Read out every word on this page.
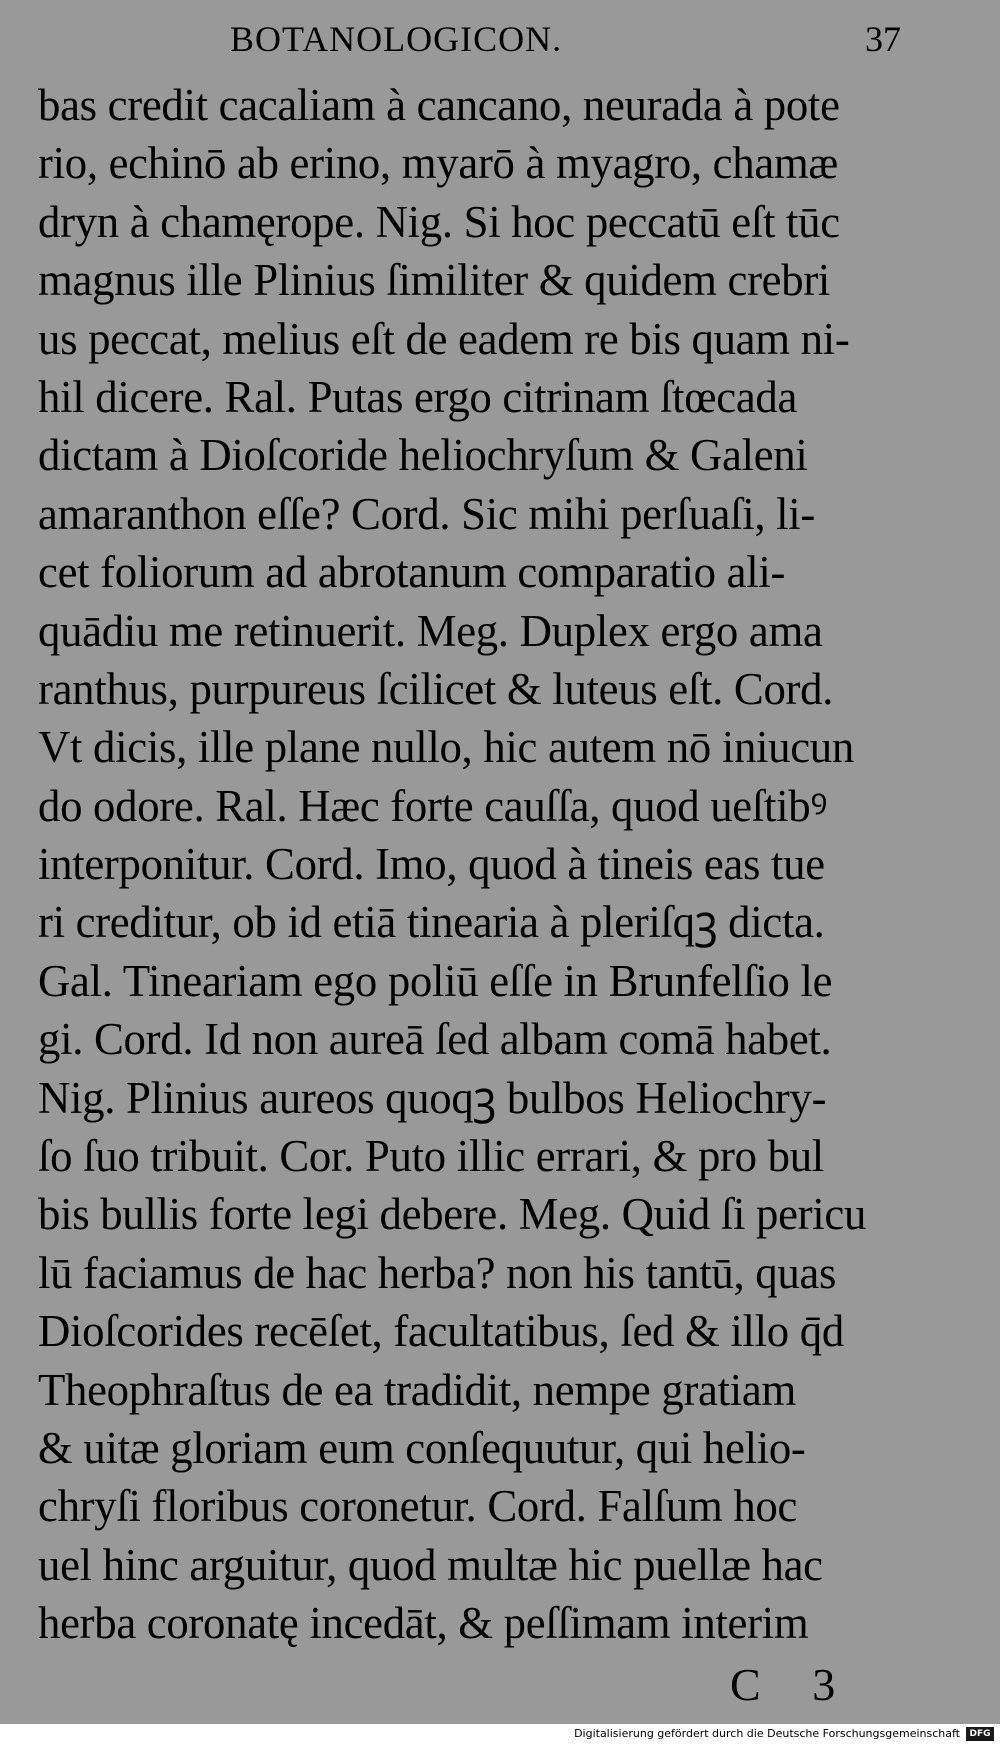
BOTANOLOGICON.	37
bas credit cacaliam à cancano, neurada à pote
rio, echinō ab erino, myarō à myagro, chamæ
dryn à chamęrope. Nig. Si hoc peccatū eſt tūc
magnus ille Plinius ſimiliter & quidem crebri
us peccat, melius eſt de eadem re bis quam ni-
hil dicere. Ral. Putas ergo citrinam ſtœcada
dictam à Dioſcoride heliochryſum & Galeni
amaranthon eſſe? Cord. Sic mihi perſuaſi, li-
cet foliorum ad abrotanum comparatio ali-
quādiu me retinuerit. Meg. Duplex ergo ama
ranthus, purpureus ſcilicet & luteus eſt. Cord.
Vt dicis, ille plane nullo, hic autem nō iniucun
do odore. Ral. Hæc forte cauſſa, quod ueſtibꝰ
interponitur. Cord. Imo, quod à tineis eas tue
ri creditur, ob id etiā tinearia à pleriſqꝫ dicta.
Gal. Tineariam ego poliū eſſe in Brunfelſio le
gi. Cord. Id non aureā ſed albam comā habet.
Nig. Plinius aureos quoqꝫ bulbos Heliochry-
ſo ſuo tribuit. Cor. Puto illic errari, & pro bul
bis bullis forte legi debere. Meg. Quid ſi pericu
lū faciamus de hac herba? non his tantū, quas
Dioſcorides recēſet, facultatibus, ſed & illo q̄d
Theophraſtus de ea tradidit, nempe gratiam
& uitæ gloriam eum conſequutur, qui helio-
chryſi floribus coronetur. Cord. Falſum hoc
uel hinc arguitur, quod multæ hic puellæ hac
herba coronatę incedāt, & peſſimam interim
C 3
Digitalisierung gefördert durch die Deutsche Forschungsgemeinschaft	DFG
